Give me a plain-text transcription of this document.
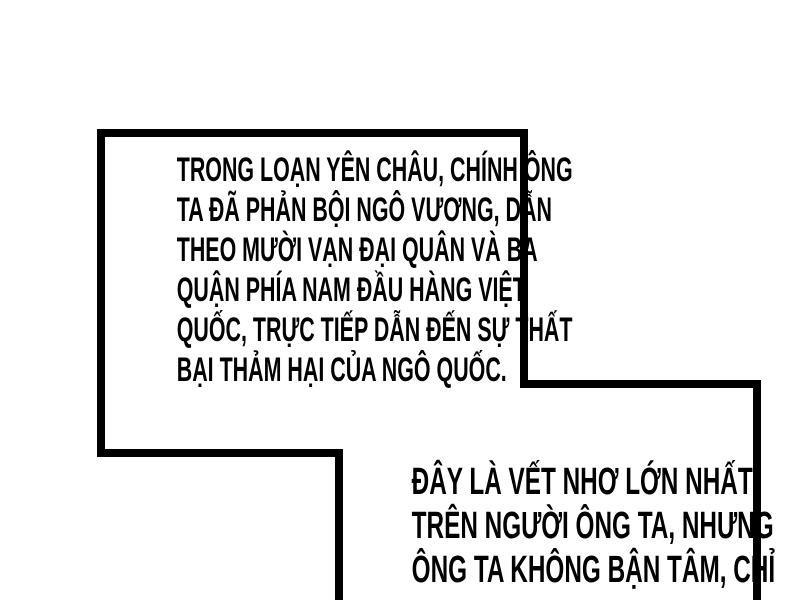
TRONG LOẠN YÊN CHÂU, CHÍNH ÔNG
TA ĐÃ PHẢN BỘI NGÔ VƯƠNG, DẪN
THEO MƯỜI VẠN ĐẠI QUÂN VÀ BA
QUẬN PHÍA NAM ĐẦU HÀNG VIỆT
QUỐC, TRỰC TIẾP DẪN ĐẾN SỰ THẤT
BẠI THẢM HẠI CỦA NGÔ QUỐC.
ĐÂY LÀ VẾT NHƠ LỚN NHẤT
TRÊN NGƯỜI ÔNG TA, NHƯNG
ÔNG TA KHÔNG BẬN TÂM, CHỈ
